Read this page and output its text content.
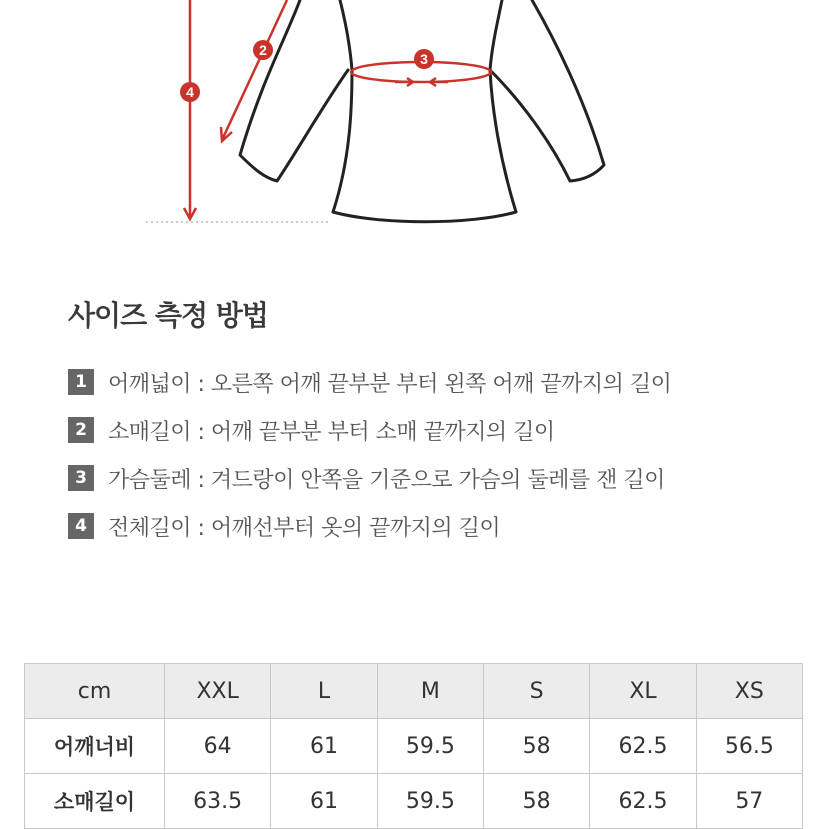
2
3
4
사이즈 측정 방법
1 어깨넓이 : 오른쪽 어깨 끝부분 부터 왼쪽 어깨 끝까지의 길이
2 소매길이 : 어깨 끝부분 부터 소매 끝까지의 길이
3 가슴둘레 : 겨드랑이 안쪽을 기준으로 가슴의 둘레를 잰 길이
4 전체길이 : 어깨선부터 옷의 끝까지의 길이
cm	XXL	L	M	S	XL	XS
어깨너비	64	61	59.5	58	62.5	56.5
소매길이	63.5	61	59.5	58	62.5	57
